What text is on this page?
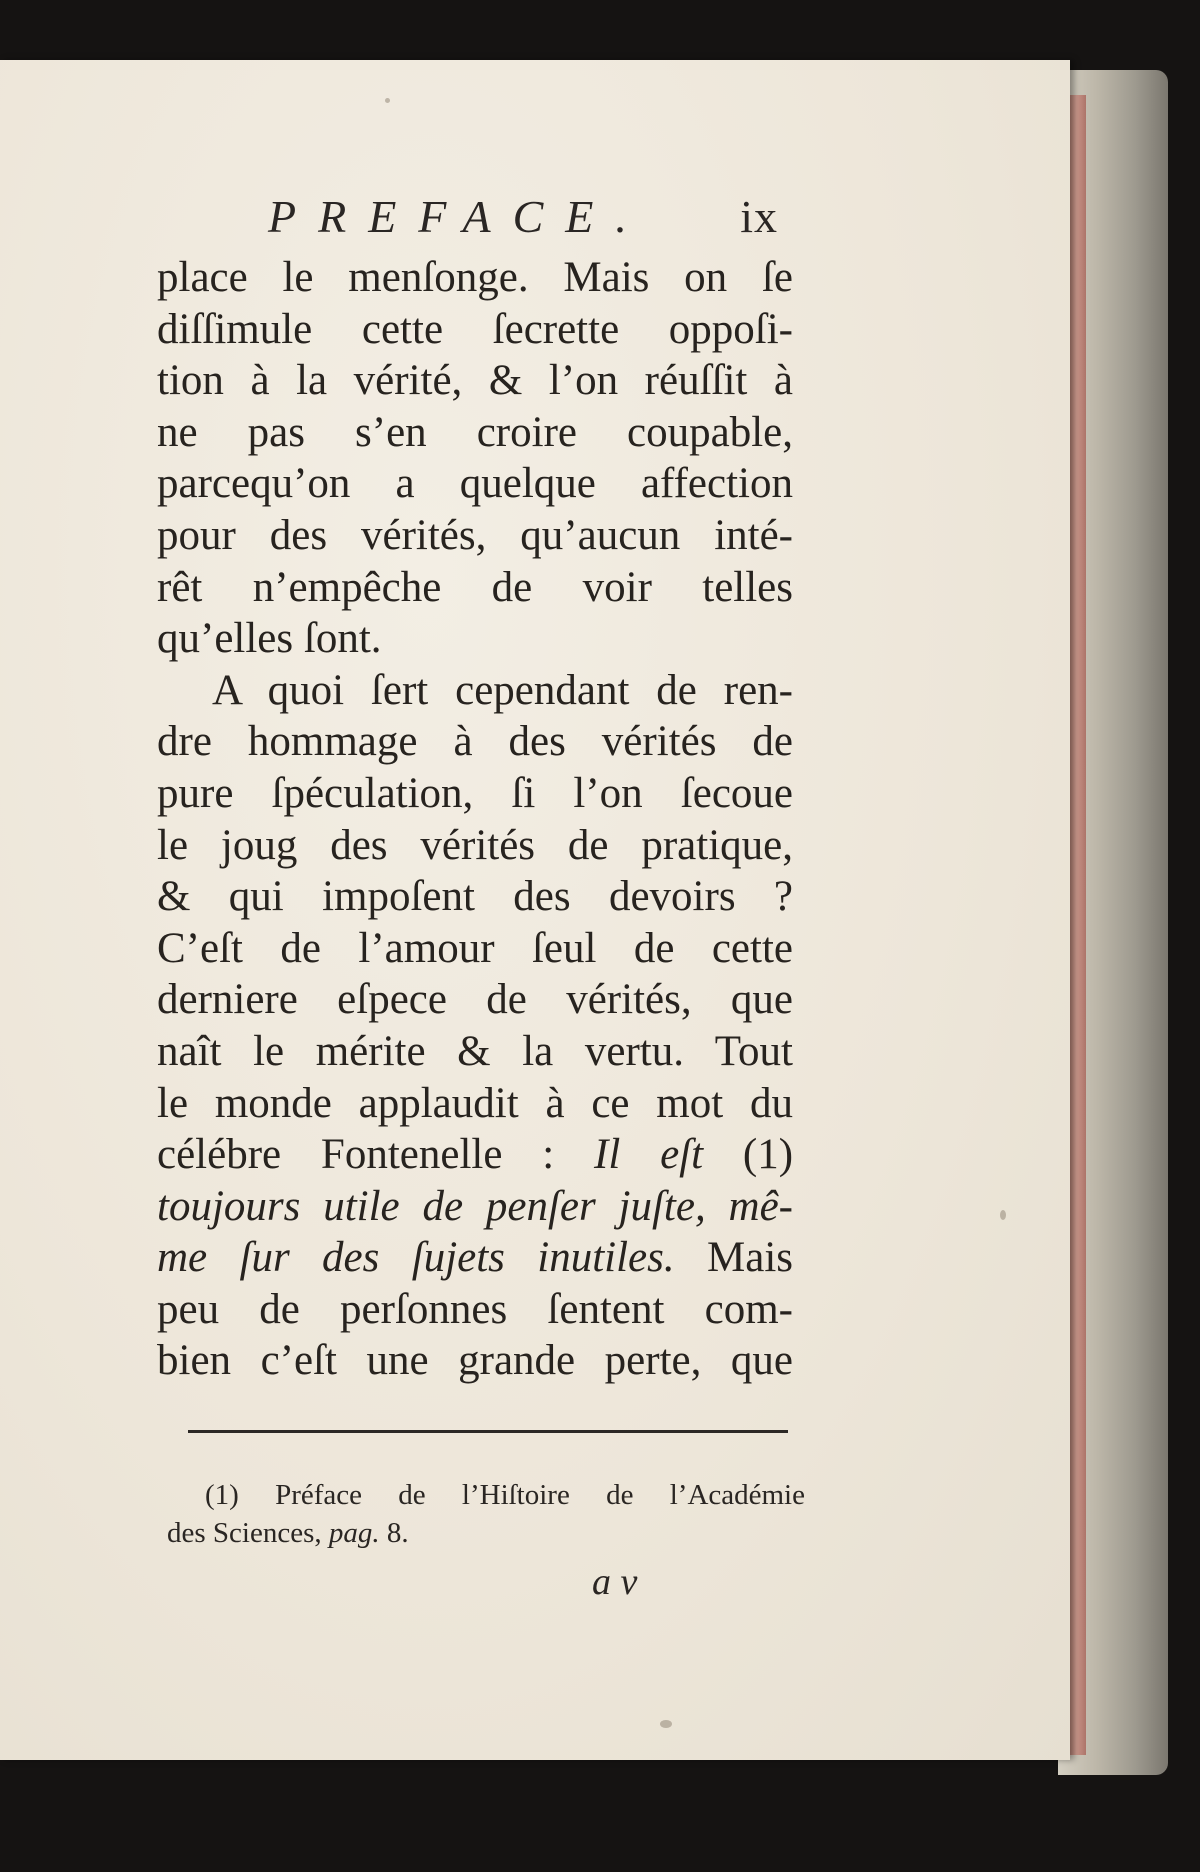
PREFACE. ix
place le menſonge. Mais on ſe
diſſimule cette ſecrette oppoſi-
tion à la vérité, & l’on réuſſit à
ne pas s’en croire coupable,
parcequ’on a quelque affection
pour des vérités, qu’aucun inté-
rêt n’empêche de voir telles
qu’elles ſont.
A quoi ſert cependant de ren-
dre hommage à des vérités de
pure ſpéculation, ſi l’on ſecoue
le joug des vérités de pratique,
& qui impoſent des devoirs ?
C’eſt de l’amour ſeul de cette
derniere eſpece de vérités, que
naît le mérite & la vertu. Tout
le monde applaudit à ce mot du
célébre Fontenelle : Il eſt (1)
toujours utile de penſer juſte, mê-
me ſur des ſujets inutiles. Mais
peu de perſonnes ſentent com-
bien c’eſt une grande perte, que
(1) Préface de l’Hiſtoire de l’Académie
des Sciences, pag. 8.
a v
